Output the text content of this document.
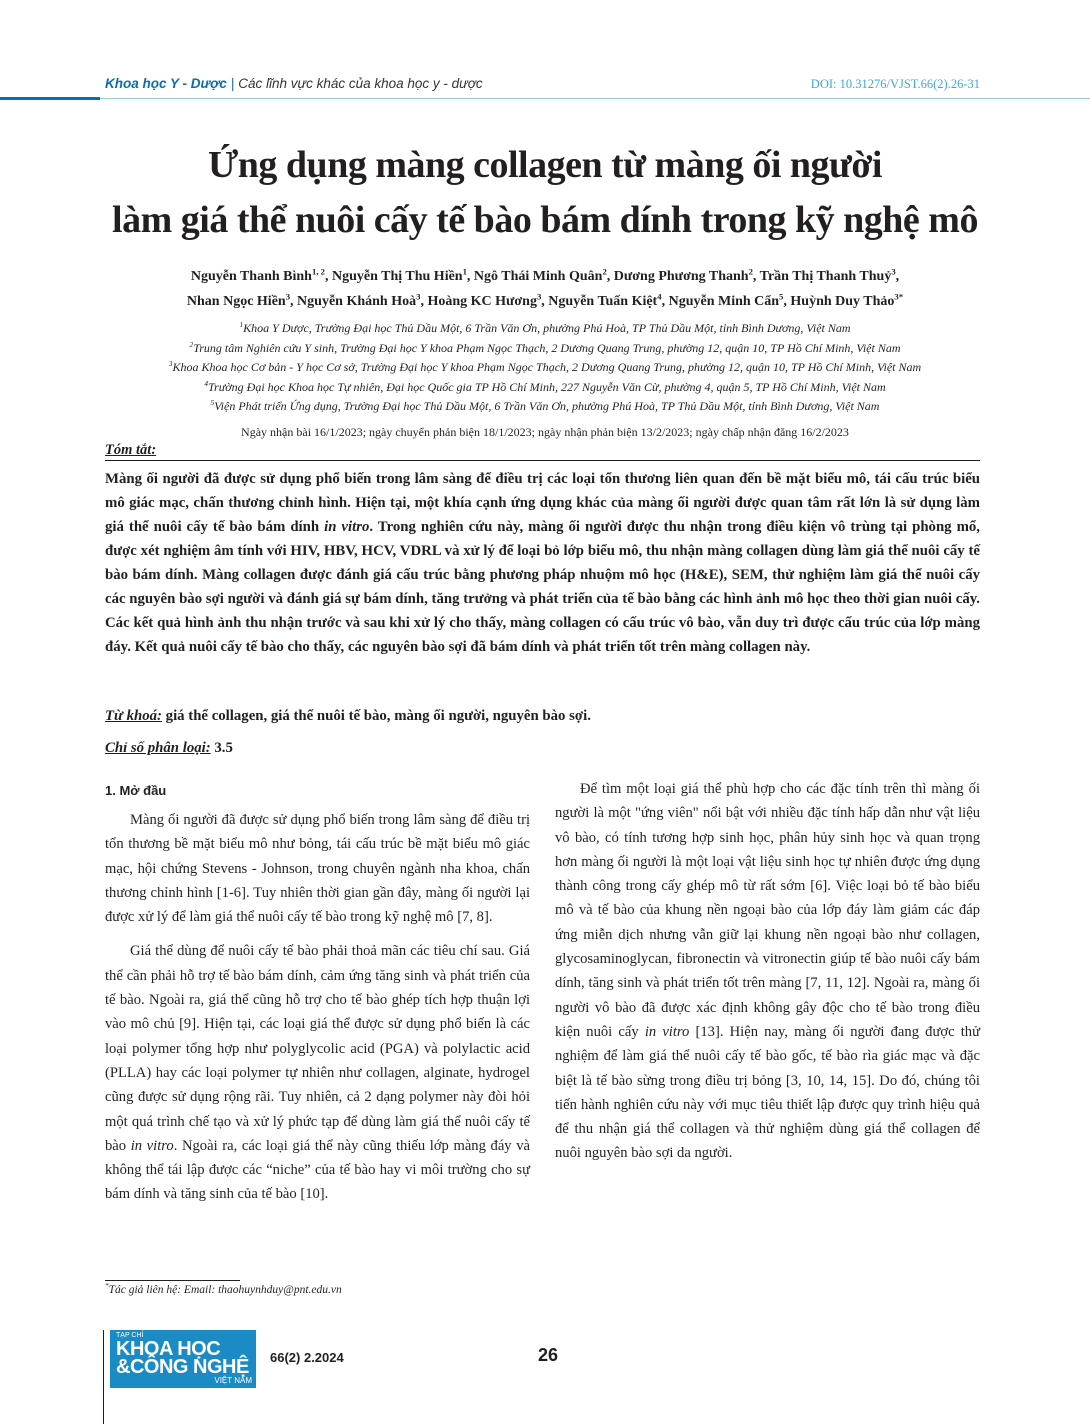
Khoa học Y - Dược | Các lĩnh vực khác của khoa học y - dược	DOI: 10.31276/VJST.66(2).26-31
Ứng dụng màng collagen từ màng ối người
làm giá thể nuôi cấy tế bào bám dính trong kỹ nghệ mô
Nguyễn Thanh Bình$^{1, 2}$, Nguyễn Thị Thu Hiền$^1$, Ngô Thái Minh Quân$^2$, Dương Phương Thanh$^2$, Trần Thị Thanh Thuỷ$^3$,
Nhan Ngọc Hiền$^3$, Nguyễn Khánh Hoà$^3$, Hoàng KC Hương$^3$, Nguyễn Tuấn Kiệt$^4$, Nguyễn Minh Cẩn$^5$, Huỳnh Duy Thảo$^{3*}$
$^1$Khoa Y Dược, Trường Đại học Thủ Dầu Một, 6 Trần Văn Ơn, phường Phú Hoà, TP Thủ Dầu Một, tỉnh Bình Dương, Việt Nam
$^2$Trung tâm Nghiên cứu Y sinh, Trường Đại học Y khoa Phạm Ngọc Thạch, 2 Dương Quang Trung, phường 12, quận 10, TP Hồ Chí Minh, Việt Nam
$^3$Khoa Khoa học Cơ bản - Y học Cơ sở, Trường Đại học Y khoa Phạm Ngọc Thạch, 2 Dương Quang Trung, phường 12, quận 10, TP Hồ Chí Minh, Việt Nam
$^4$Trường Đại học Khoa học Tự nhiên, Đại học Quốc gia TP Hồ Chí Minh, 227 Nguyễn Văn Cừ, phường 4, quận 5, TP Hồ Chí Minh, Việt Nam
$^5$Viện Phát triển Ứng dụng, Trường Đại học Thủ Dầu Một, 6 Trần Văn Ơn, phường Phú Hoà, TP Thủ Dầu Một, tỉnh Bình Dương, Việt Nam
Ngày nhận bài 16/1/2023; ngày chuyển phản biện 18/1/2023; ngày nhận phản biện 13/2/2023; ngày chấp nhận đăng 16/2/2023
Tóm tắt:
Màng ối người đã được sử dụng phổ biến trong lâm sàng để điều trị các loại tổn thương liên quan đến bề mặt biểu mô, tái cấu trúc biểu mô giác mạc, chấn thương chỉnh hình. Hiện tại, một khía cạnh ứng dụng khác của màng ối người được quan tâm rất lớn là sử dụng làm giá thể nuôi cấy tế bào bám dính in vitro. Trong nghiên cứu này, màng ối người được thu nhận trong điều kiện vô trùng tại phòng mổ, được xét nghiệm âm tính với HIV, HBV, HCV, VDRL và xử lý để loại bỏ lớp biểu mô, thu nhận màng collagen dùng làm giá thể nuôi cấy tế bào bám dính. Màng collagen được đánh giá cấu trúc bằng phương pháp nhuộm mô học (H&E), SEM, thử nghiệm làm giá thể nuôi cấy các nguyên bào sợi người và đánh giá sự bám dính, tăng trưởng và phát triển của tế bào bằng các hình ảnh mô học theo thời gian nuôi cấy. Các kết quả hình ảnh thu nhận trước và sau khi xử lý cho thấy, màng collagen có cấu trúc vô bào, vẫn duy trì được cấu trúc của lớp màng đáy. Kết quả nuôi cấy tế bào cho thấy, các nguyên bào sợi đã bám dính và phát triển tốt trên màng collagen này.
Từ khoá: giá thể collagen, giá thể nuôi tế bào, màng ối người, nguyên bào sợi.
Chỉ số phân loại: 3.5
1. Mở đầu

Màng ối người đã được sử dụng phổ biến trong lâm sàng để điều trị tổn thương bề mặt biểu mô như bỏng, tái cấu trúc bề mặt biểu mô giác mạc, hội chứng Stevens - Johnson, trong chuyên ngành nha khoa, chấn thương chỉnh hình [1-6]. Tuy nhiên thời gian gần đây, màng ối người lại được xử lý để làm giá thể nuôi cấy tế bào trong kỹ nghệ mô [7, 8].

Giá thể dùng để nuôi cấy tế bào phải thoả mãn các tiêu chí sau. Giá thể cần phải hỗ trợ tế bào bám dính, cảm ứng tăng sinh và phát triển của tế bào. Ngoài ra, giá thể cũng hỗ trợ cho tế bào ghép tích hợp thuận lợi vào mô chủ [9]. Hiện tại, các loại giá thể được sử dụng phổ biến là các loại polymer tổng hợp như polyglycolic acid (PGA) và polylactic acid (PLLA) hay các loại polymer tự nhiên như collagen, alginate, hydrogel cũng được sử dụng rộng rãi. Tuy nhiên, cả 2 dạng polymer này đòi hỏi một quá trình chế tạo và xử lý phức tạp để dùng làm giá thể nuôi cấy tế bào in vitro. Ngoài ra, các loại giá thể này cũng thiếu lớp màng đáy và không thể tái lập được các “niche” của tế bào hay vi môi trường cho sự bám dính và tăng sinh của tế bào [10].

Để tìm một loại giá thể phù hợp cho các đặc tính trên thì màng ối người là một "ứng viên" nổi bật với nhiều đặc tính hấp dẫn như vật liệu vô bào, có tính tương hợp sinh học, phân hủy sinh học và quan trọng hơn màng ối người là một loại vật liệu sinh học tự nhiên được ứng dụng thành công trong cấy ghép mô từ rất sớm [6]. Việc loại bỏ tế bào biểu mô và tế bào của khung nền ngoại bào của lớp đáy làm giảm các đáp ứng miễn dịch nhưng vẫn giữ lại khung nền ngoại bào như collagen, glycosaminoglycan, fibronectin và vitronectin giúp tế bào nuôi cấy bám dính, tăng sinh và phát triển tốt trên màng [7, 11, 12]. Ngoài ra, màng ối người vô bào đã được xác định không gây độc cho tế bào trong điều kiện nuôi cấy in vitro [13]. Hiện nay, màng ối người đang được thử nghiệm để làm giá thể nuôi cấy tế bào gốc, tế bào rìa giác mạc và đặc biệt là tế bào sừng trong điều trị bỏng [3, 10, 14, 15]. Do đó, chúng tôi tiến hành nghiên cứu này với mục tiêu thiết lập được quy trình hiệu quả để thu nhận giá thể collagen và thử nghiệm dùng giá thể collagen để nuôi nguyên bào sợi da người.

*Tác giả liên hệ: Email: thaohuynhduy@pnt.edu.vn
TẠP CHÍ
KHOA HỌC
&CÔNG NGHỆ
VIỆT NAM
66(2) 2.2024	26
